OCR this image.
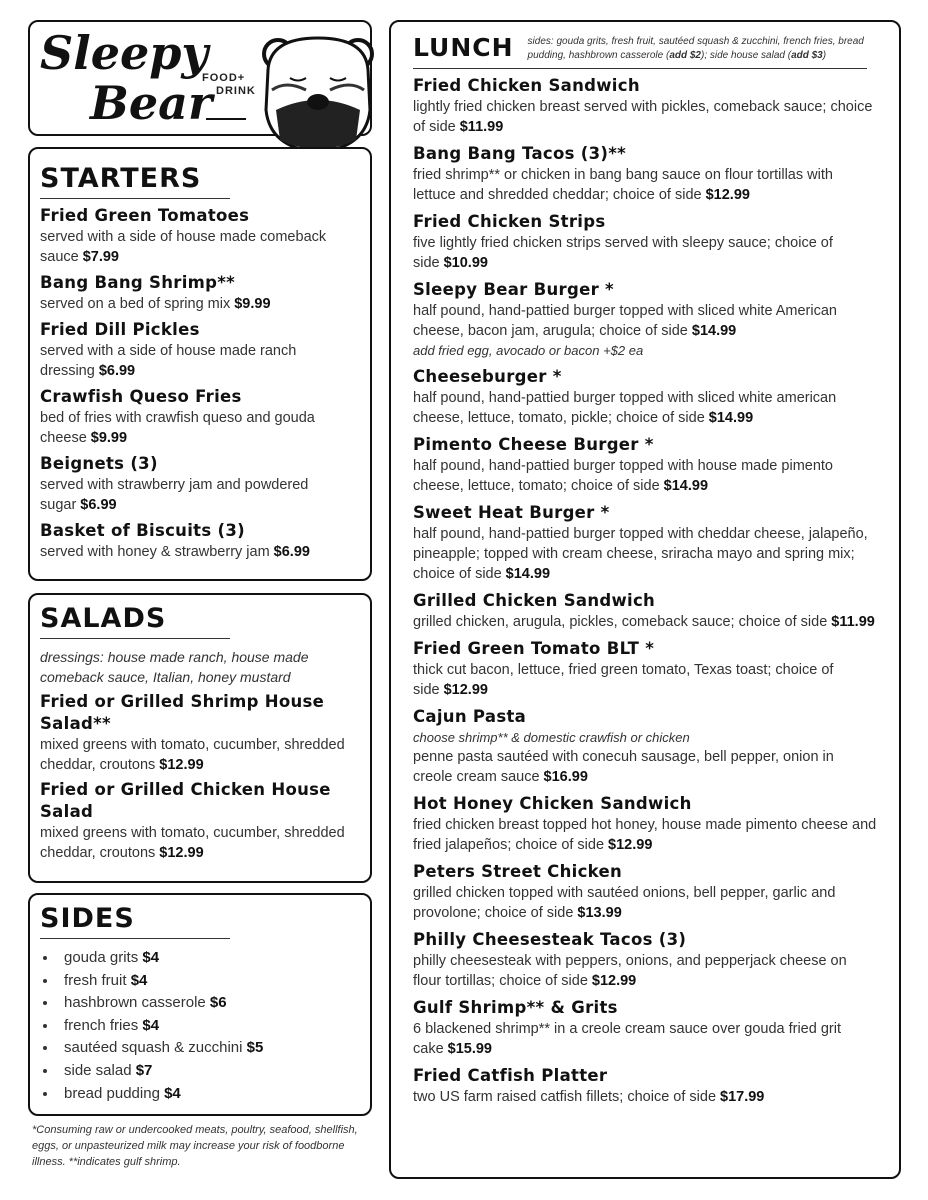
Sleepy
Bear
FOOD+
DRINK
STARTERS
Fried Green Tomatoes
served with a side of house made comeback sauce $7.99
Bang Bang Shrimp**
served on a bed of spring mix $9.99
Fried Dill Pickles
served with a side of house made ranch dressing $6.99
Crawfish Queso Fries
bed of fries with crawfish queso and gouda cheese $9.99
Beignets (3)
served with strawberry jam and powdered sugar $6.99
Basket of Biscuits (3)
served with honey & strawberry jam $6.99
SALADS
dressings: house made ranch, house made comeback sauce, Italian, honey mustard
Fried or Grilled Shrimp House Salad**
mixed greens with tomato, cucumber, shredded cheddar, croutons $12.99
Fried or Grilled Chicken House Salad
mixed greens with tomato, cucumber, shredded cheddar, croutons $12.99
SIDES
• gouda grits $4
• fresh fruit $4
• hashbrown casserole $6
• french fries $4
• sautéed squash & zucchini $5
• side salad $7
• bread pudding $4
*Consuming raw or undercooked meats, poultry, seafood, shellfish, eggs, or unpasteurized milk may increase your risk of foodborne illness. **indicates gulf shrimp.
LUNCH sides: gouda grits, fresh fruit, sautéed squash & zucchini, french fries, bread pudding, hashbrown casserole (add $2); side house salad (add $3)
Fried Chicken Sandwich
lightly fried chicken breast served with pickles, comeback sauce; choice of side $11.99
Bang Bang Tacos (3)**
fried shrimp** or chicken in bang bang sauce on flour tortillas with lettuce and shredded cheddar; choice of side $12.99
Fried Chicken Strips
five lightly fried chicken strips served with sleepy sauce; choice of side $10.99
Sleepy Bear Burger *
half pound, hand-pattied burger topped with sliced white American cheese, bacon jam, arugula; choice of side $14.99
add fried egg, avocado or bacon +$2 ea
Cheeseburger *
half pound, hand-pattied burger topped with sliced white american cheese, lettuce, tomato, pickle; choice of side $14.99
Pimento Cheese Burger *
half pound, hand-pattied burger topped with house made pimento cheese, lettuce, tomato; choice of side $14.99
Sweet Heat Burger *
half pound, hand-pattied burger topped with cheddar cheese, jalapeño, pineapple; topped with cream cheese, sriracha mayo and spring mix; choice of side $14.99
Grilled Chicken Sandwich
grilled chicken, arugula, pickles, comeback sauce; choice of side $11.99
Fried Green Tomato BLT *
thick cut bacon, lettuce, fried green tomato, Texas toast; choice of side $12.99
Cajun Pasta
choose shrimp** & domestic crawfish or chicken
penne pasta sautéed with conecuh sausage, bell pepper, onion in creole cream sauce $16.99
Hot Honey Chicken Sandwich
fried chicken breast topped hot honey, house made pimento cheese and fried jalapeños; choice of side $12.99
Peters Street Chicken
grilled chicken topped with sautéed onions, bell pepper, garlic and provolone; choice of side $13.99
Philly Cheesesteak Tacos (3)
philly cheesesteak with peppers, onions, and pepperjack cheese on flour tortillas; choice of side $12.99
Gulf Shrimp** & Grits
6 blackened shrimp** in a creole cream sauce over gouda fried grit cake $15.99
Fried Catfish Platter
two US farm raised catfish fillets; choice of side $17.99
